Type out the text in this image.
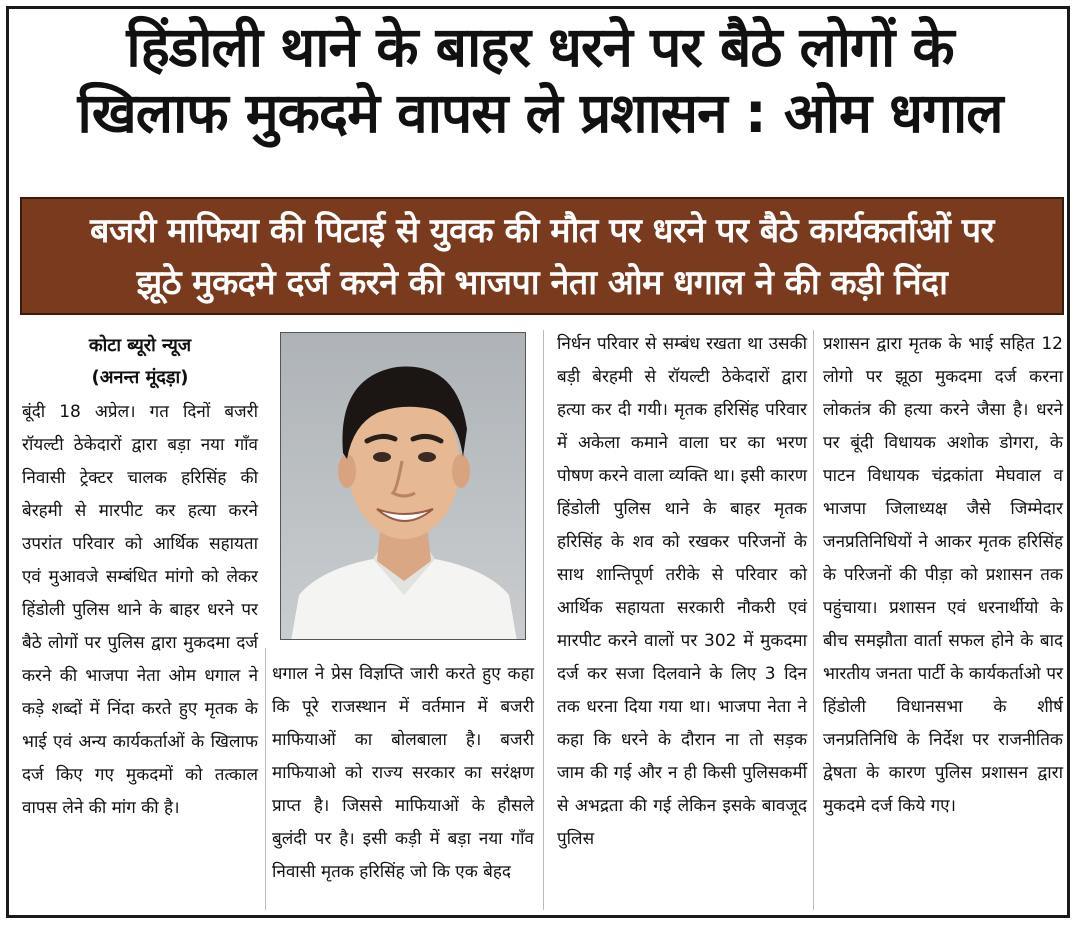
हिंडोली थाने के बाहर धरने पर बैठे लोगों के
खिलाफ मुकदमे वापस ले प्रशासन : ओम धगाल
बजरी माफिया की पिटाई से युवक की मौत पर धरने पर बैठे कार्यकर्ताओं पर
झूठे मुकदमे दर्ज करने की भाजपा नेता ओम धगाल ने की कड़ी निंदा
कोटा ब्यूरो न्यूज
(अनन्त मूंदड़ा)
बूंदी 18 अप्रेल। गत दिनों बजरी रॉयल्टी ठेकेदारों द्वारा बड़ा नया गाँव निवासी ट्रेक्टर चालक हरिसिंह की बेरहमी से मारपीट कर हत्या करने उपरांत परिवार को आर्थिक सहायता एवं मुआवजे सम्बंधित मांगो को लेकर हिंडोली पुलिस थाने के बाहर धरने पर बैठे लोगों पर पुलिस द्वारा मुकदमा दर्ज करने की भाजपा नेता ओम धगाल ने कड़े शब्दों में निंदा करते हुए मृतक के भाई एवं अन्य कार्यकर्ताओं के खिलाफ दर्ज किए गए मुकदमों को तत्काल वापस लेने की मांग की है।
धगाल ने प्रेस विज्ञप्ति जारी करते हुए कहा कि पूरे राजस्थान में वर्तमान में बजरी माफियाओं का बोलबाला है। बजरी माफियाओ को राज्य सरकार का सरंक्षण प्राप्त है। जिससे माफियाओं के हौसले बुलंदी पर है। इसी कड़ी में बड़ा नया गाँव निवासी मृतक हरिसिंह जो कि एक बेहद
निर्धन परिवार से सम्बंध रखता था उसकी बड़ी बेरहमी से रॉयल्टी ठेकेदारों द्वारा हत्या कर दी गयी। मृतक हरिसिंह परिवार में अकेला कमाने वाला घर का भरण पोषण करने वाला व्यक्ति था। इसी कारण हिंडोली पुलिस थाने के बाहर मृतक हरिसिंह के शव को रखकर परिजनों के साथ शान्तिपूर्ण तरीके से परिवार को आर्थिक सहायता सरकारी नौकरी एवं मारपीट करने वालों पर 302 में मुकदमा दर्ज कर सजा दिलवाने के लिए 3 दिन तक धरना दिया गया था। भाजपा नेता ने कहा कि धरने के दौरान ना तो सड़क जाम की गई और न ही किसी पुलिसकर्मी से अभद्रता की गई लेकिन इसके बावजूद पुलिस
प्रशासन द्वारा मृतक के भाई सहित 12 लोगो पर झूठा मुकदमा दर्ज करना लोकतंत्र की हत्या करने जैसा है। धरने पर बूंदी विधायक अशोक डोगरा, के पाटन विधायक चंद्रकांता मेघवाल व भाजपा जिलाध्यक्ष जैसे जिम्मेदार जनप्रतिनिधियों ने आकर मृतक हरिसिंह के परिजनों की पीड़ा को प्रशासन तक पहुंचाया। प्रशासन एवं धरनार्थीयो के बीच समझौता वार्ता सफल होने के बाद भारतीय जनता पार्टी के कार्यकर्ताओ पर हिंडोली विधानसभा के शीर्ष जनप्रतिनिधि के निर्देश पर राजनीतिक द्वेषता के कारण पुलिस प्रशासन द्वारा मुकदमे दर्ज किये गए।
